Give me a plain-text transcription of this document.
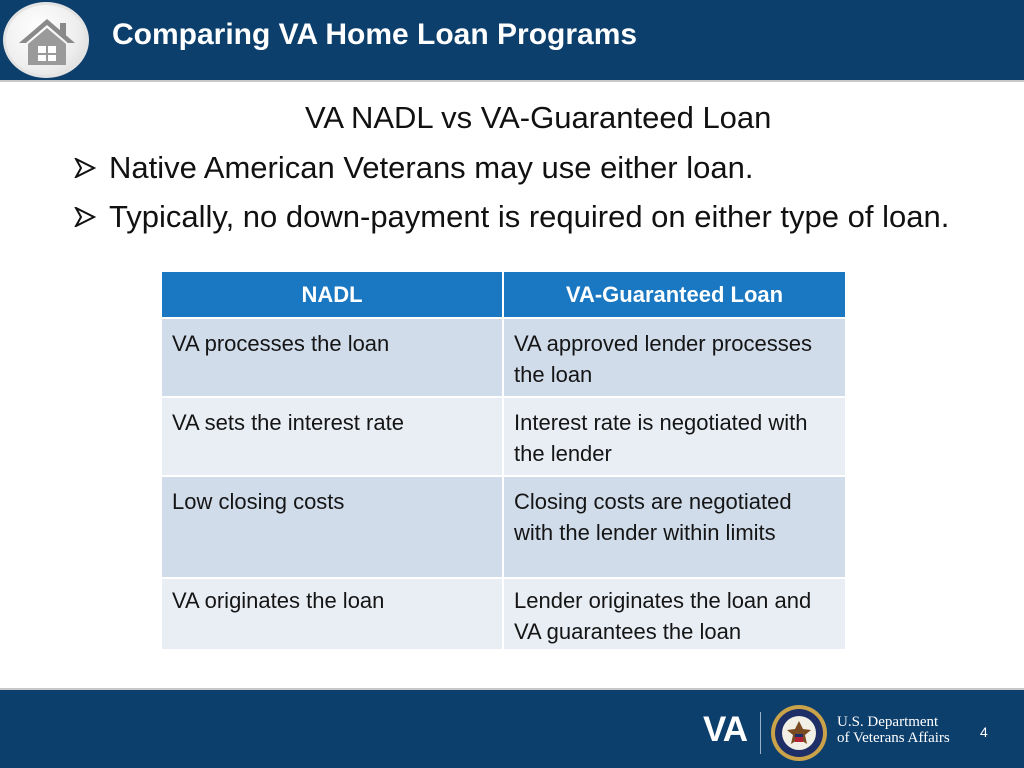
Comparing VA Home Loan Programs
VA NADL vs VA-Guaranteed Loan
Native American Veterans may use either loan.
Typically, no down-payment is required on either type of loan.
NADL	VA-Guaranteed Loan
VA processes the loan	VA approved lender processes the loan
VA sets the interest rate	Interest rate is negotiated with the lender
Low closing costs	Closing costs are negotiated with the lender within limits
VA originates the loan	Lender originates the loan and VA guarantees the loan
VA	U.S. Department
of Veterans Affairs 4
